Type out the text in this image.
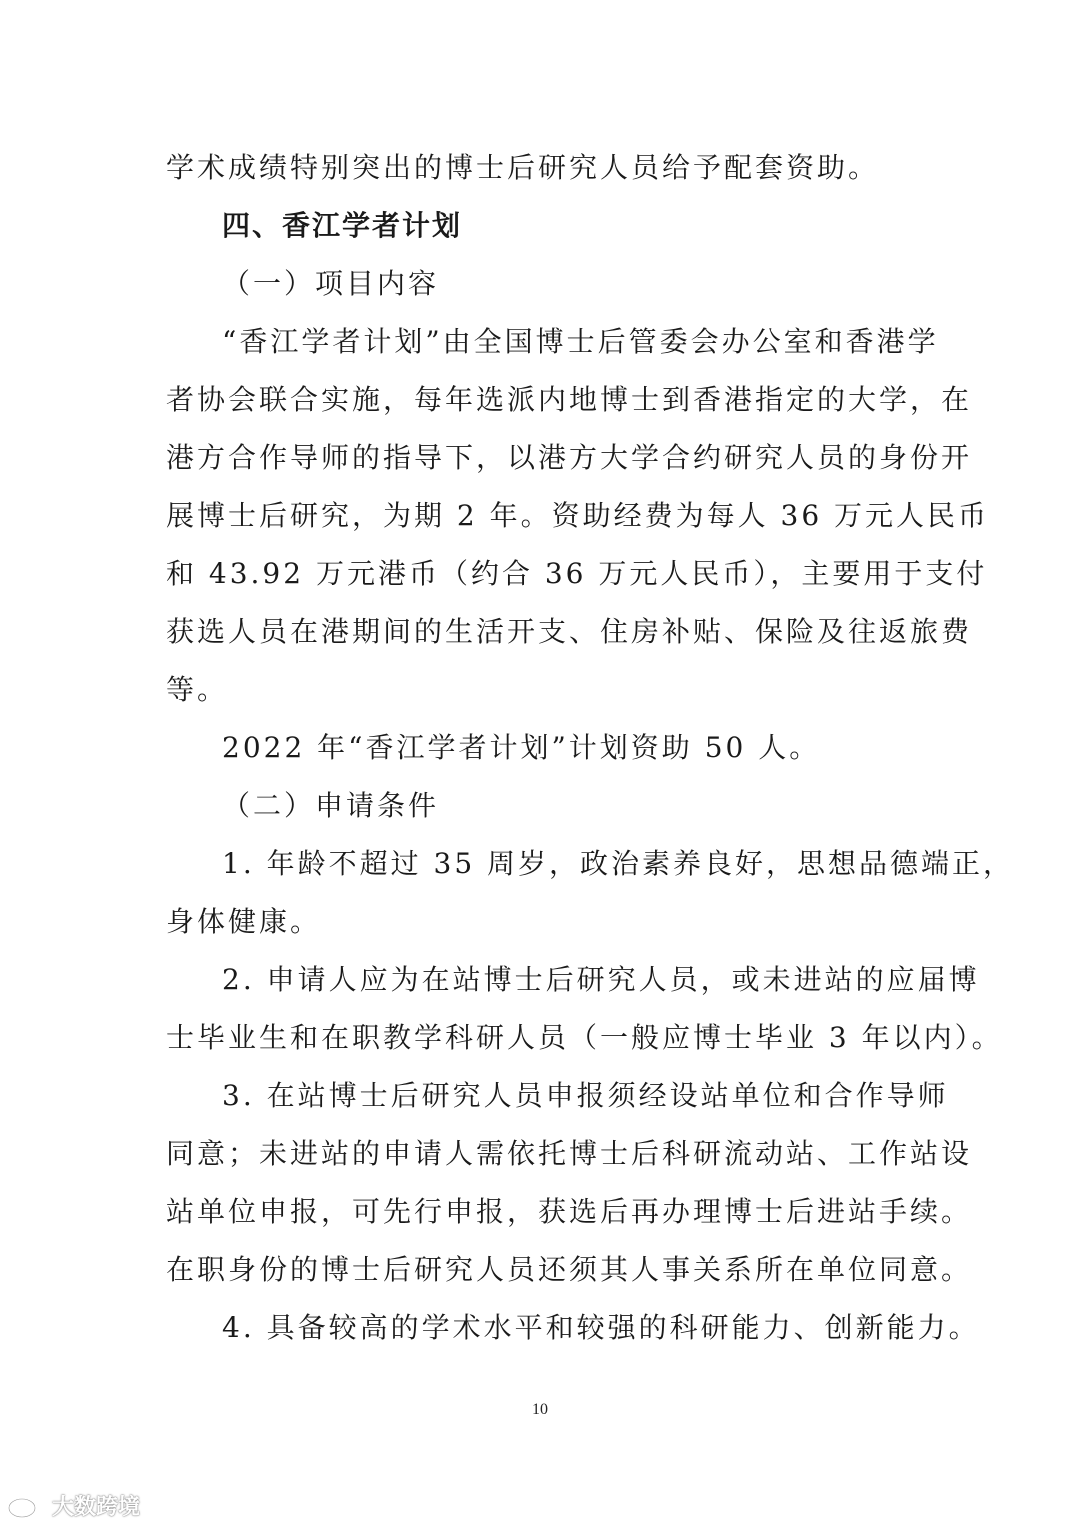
学术成绩特别突出的博士后研究人员给予配套资助。
四、香江学者计划
（一）项目内容
“香江学者计划”由全国博士后管委会办公室和香港学
者协会联合实施，每年选派内地博士到香港指定的大学，在
港方合作导师的指导下，以港方大学合约研究人员的身份开
展博士后研究，为期 2 年。资助经费为每人 36 万元人民币
和 43.92 万元港币（约合 36 万元人民币），主要用于支付
获选人员在港期间的生活开支、住房补贴、保险及往返旅费
等。
2022 年“香江学者计划”计划资助 50 人。
（二）申请条件
1. 年龄不超过 35 周岁，政治素养良好，思想品德端正，
身体健康。
2. 申请人应为在站博士后研究人员，或未进站的应届博
士毕业生和在职教学科研人员（一般应博士毕业 3 年以内）。
3. 在站博士后研究人员申报须经设站单位和合作导师
同意；未进站的申请人需依托博士后科研流动站、工作站设
站单位申报，可先行申报，获选后再办理博士后进站手续。
在职身份的博士后研究人员还须其人事关系所在单位同意。
4. 具备较高的学术水平和较强的科研能力、创新能力。
10
大数跨境
